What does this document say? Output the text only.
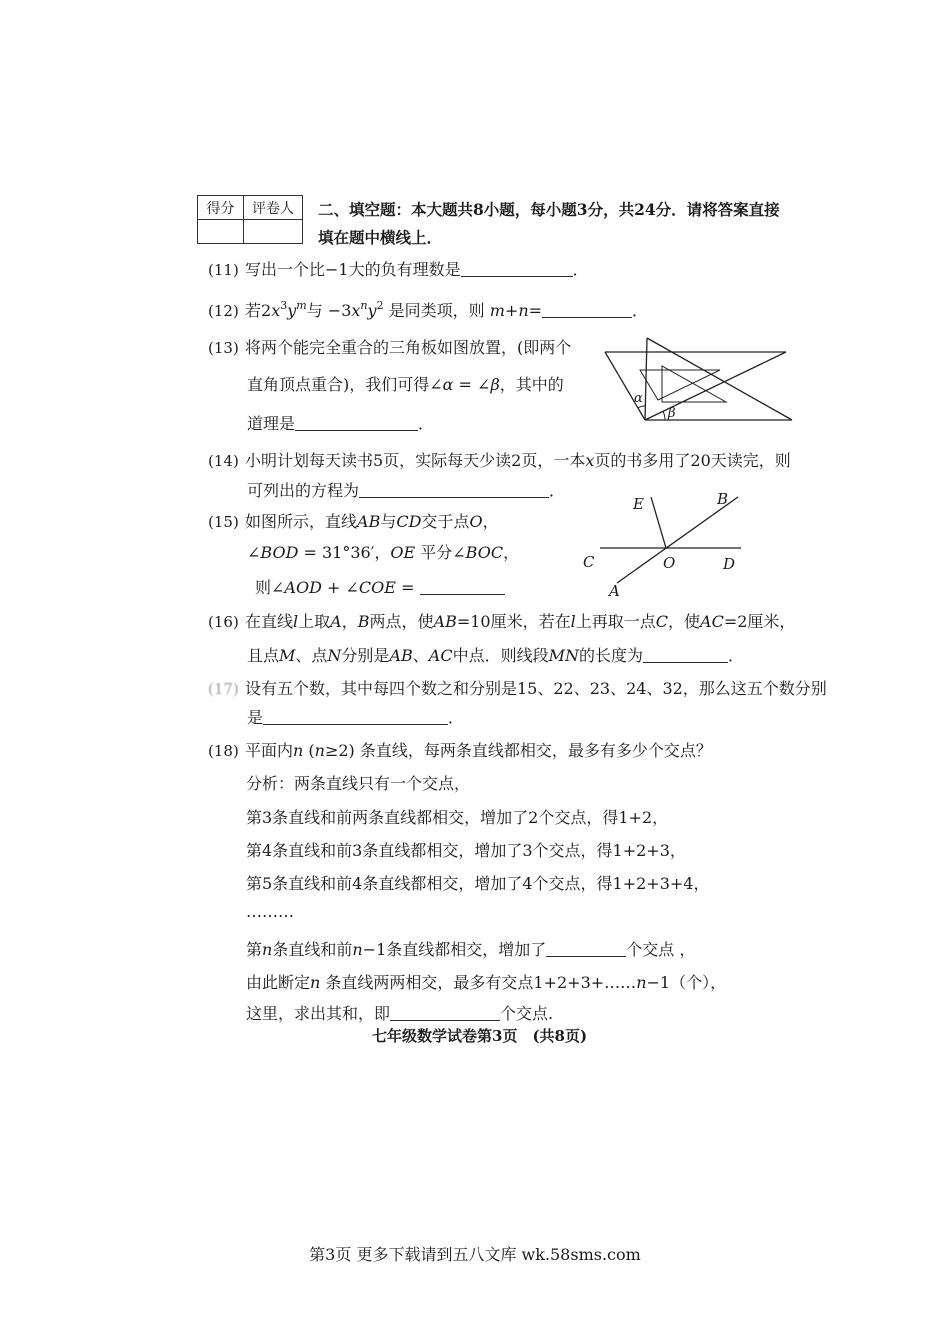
得分	评卷人
	二、填空题：本大题共8小题，每小题3分，共24分．请将答案直接
填在题中横线上．
(11) 写出一个比−1大的负有理数是	．
(12) 若$2x^3y^m$与 $-3x^ny^2$ 是同类项，则 m+n=	．
(13) 将两个能完全重合的三角板如图放置，(即两个
直角顶点重合)，我们可得∠α = ∠β，其中的
道理是	．
α
β
(14) 小明计划每天读书5页，实际每天少读2页，一本x页的书多用了20天读完，则
可列出的方程为	．
(15) 如图所示，直线AB与CD交于点O，
∠BOD = 31°36′，OE 平分∠BOC，
则∠AOD + ∠COE =
E	B
C	O	D
A
(16) 在直线l上取A，B两点，使AB=10厘米，若在l上再取一点C，使AC=2厘米，
且点M、点N分别是AB、AC中点．则线段MN的长度为	．
(17) 设有五个数，其中每四个数之和分别是15、22、23、24、32，那么这五个数分别
是	．
(18) 平面内n (n≥2) 条直线，每两条直线都相交，最多有多少个交点？
分析：两条直线只有一个交点，
第3条直线和前两条直线都相交，增加了2个交点，得1+2，
第4条直线和前3条直线都相交，增加了3个交点，得1+2+3，
第5条直线和前4条直线都相交，增加了4个交点，得1+2+3+4，
………
第n条直线和前n−1条直线都相交，增加了	个交点 ，
由此断定n 条直线两两相交，最多有交点1+2+3+……n−1（个），
这里，求出其和，即	个交点.
七年级数学试卷第3页　(共8页)
第3页 更多下载请到五八文库 wk.58sms.com
